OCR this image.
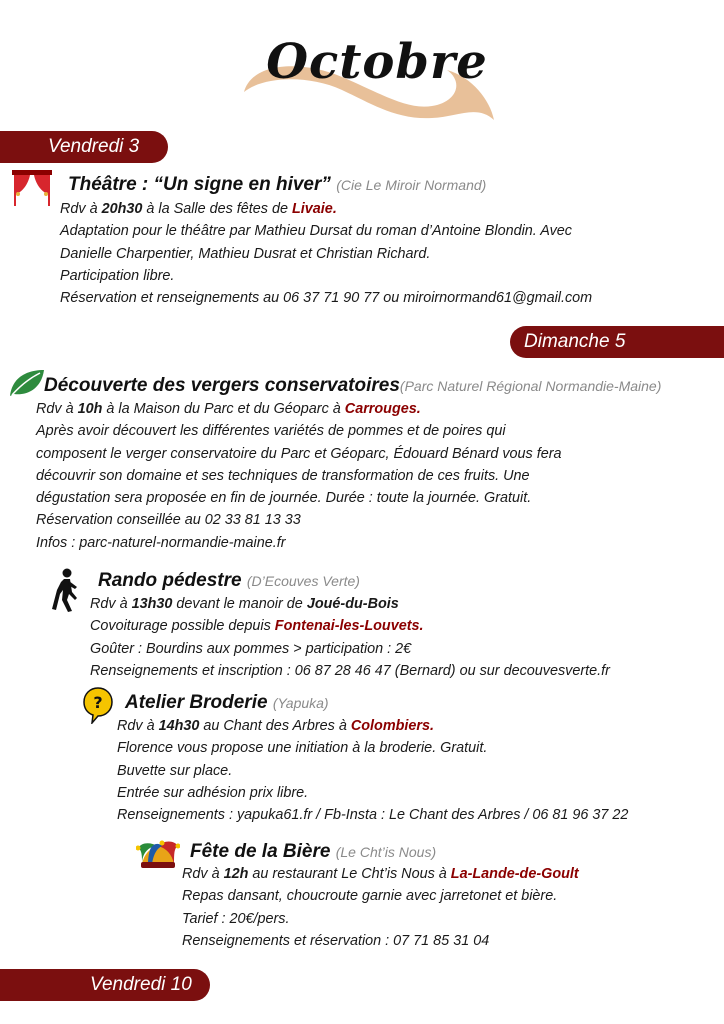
Octobre
Vendredi 3
Théâtre : “Un signe en hiver” (Cie Le Miroir Normand)
Rdv à 20h30 à la Salle des fêtes de Livaie.
Adaptation pour le théâtre par Mathieu Dursat du roman d’Antoine Blondin. Avec
Danielle Charpentier, Mathieu Dusrat et Christian Richard.
Participation libre.
Réservation et renseignements au 06 37 71 90 77 ou miroirnormand61@gmail.com
Dimanche 5
Découverte des vergers conservatoires(Parc Naturel Régional Normandie-Maine)
Rdv à 10h à la Maison du Parc et du Géoparc à Carrouges.
Après avoir découvert les différentes variétés de pommes et de poires qui
composent le verger conservatoire du Parc et Géoparc, Édouard Bénard vous fera
découvrir son domaine et ses techniques de transformation de ces fruits. Une
dégustation sera proposée en fin de journée. Durée : toute la journée. Gratuit.
Réservation conseillée au 02 33 81 13 33
Infos : parc-naturel-normandie-maine.fr
Rando pédestre (D’Ecouves Verte)
Rdv à 13h30 devant le manoir de Joué-du-Bois
Covoiturage possible depuis Fontenai-les-Louvets.
Goûter : Bourdins aux pommes > participation : 2€
Renseignements et inscription : 06 87 28 46 47 (Bernard) ou sur decouvesverte.fr
? Atelier Broderie (Yapuka)
Rdv à 14h30 au Chant des Arbres à Colombiers.
Florence vous propose une initiation à la broderie. Gratuit.
Buvette sur place.
Entrée sur adhésion prix libre.
Renseignements : yapuka61.fr / Fb-Insta : Le Chant des Arbres / 06 81 96 37 22
Fête de la Bière (Le Cht’is Nous)
Rdv à 12h au restaurant Le Cht’is Nous à La-Lande-de-Goult
Repas dansant, choucroute garnie avec jarretonet et bière.
Tarief : 20€/pers.
Renseignements et réservation : 07 71 85 31 04
Vendredi 10
